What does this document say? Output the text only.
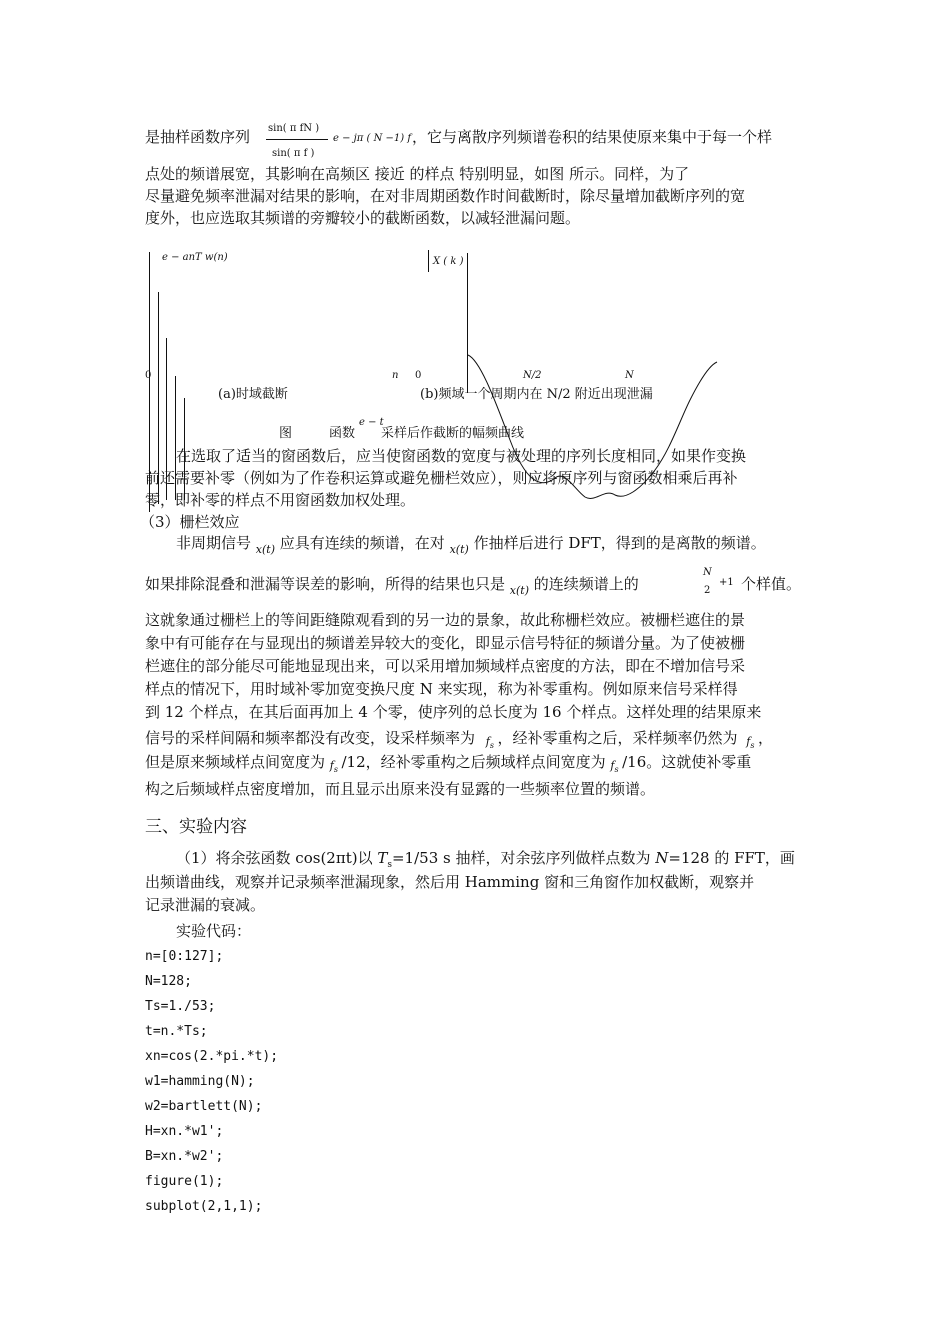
是抽样函数序列 sin( π fN )
sin( π f )
e − jπ ( N −1) f ，它与离散序列频谱卷积的结果使原来集中于每一个样
点处的频谱展宽，其影响在高频区 接近 的样点 特别明显，如图 所示。同样，为了
尽量避免频率泄漏对结果的影响，在对非周期函数作时间截断时，除尽量增加截断序列的宽
度外，也应选取其频谱的旁瓣较小的截断函数，以减轻泄漏问题。
e − anT w(n)
0	n
X ( k )
0	N/2	N
(a)时域截断	(b)频域一个周期内在 N/2 附近出现泄漏
图	函数
e − t
采样后作截断的幅频曲线
在选取了适当的窗函数后，应当使窗函数的宽度与被处理的序列长度相同，如果作变换
前还需要补零（例如为了作卷积运算或避免栅栏效应），则应将原序列与窗函数相乘后再补
零，即补零的样点不用窗函数加权处理。
（3）栅栏效应
非周期信号 $_{x(t)}$ 应具有连续的频谱，在对 $_{x(t)}$ 作抽样后进行 DFT，得到的是离散的频谱。
如果排除混叠和泄漏等误差的影响，所得的结果也只是 $_{x(t)}$ 的连续频谱上的
N
2
+1 个样值。
这就象通过栅栏上的等间距缝隙观看到的另一边的景象，故此称栅栏效应。被栅栏遮住的景
象中有可能存在与显现出的频谱差异较大的变化，即显示信号特征的频谱分量。为了使被栅
栏遮住的部分能尽可能地显现出来，可以采用增加频域样点密度的方法，即在不增加信号采
样点的情况下，用时域补零加宽变换尺度 N 来实现，称为补零重构。例如原来信号采样得
到 12 个样点，在其后面再加上 4 个零，使序列的总长度为 16 个样点。这样处理的结果原来
信号的采样间隔和频率都没有改变，设采样频率为 $f_s$ ，经补零重构之后，采样频率仍然为 $f_s$ ，
但是原来频域样点间宽度为 $f_s$ /12，经补零重构之后频域样点间宽度为 $f_s$ /16。这就使补零重
构之后频域样点密度增加，而且显示出原来没有显露的一些频率位置的频谱。
三、实验内容
（1）将余弦函数 cos(2πt)以 $T_s=1/53$ s 抽样，对余弦序列做样点数为 N=128 的 FFT，画
出频谱曲线，观察并记录频率泄漏现象，然后用 Hamming 窗和三角窗作加权截断，观察并
记录泄漏的衰减。
实验代码：
n=[0:127];
N=128;
Ts=1./53;
t=n.*Ts;
xn=cos(2.*pi.*t);
w1=hamming(N);
w2=bartlett(N);
H=xn.*w1';
B=xn.*w2';
figure(1);
subplot(2,1,1);
